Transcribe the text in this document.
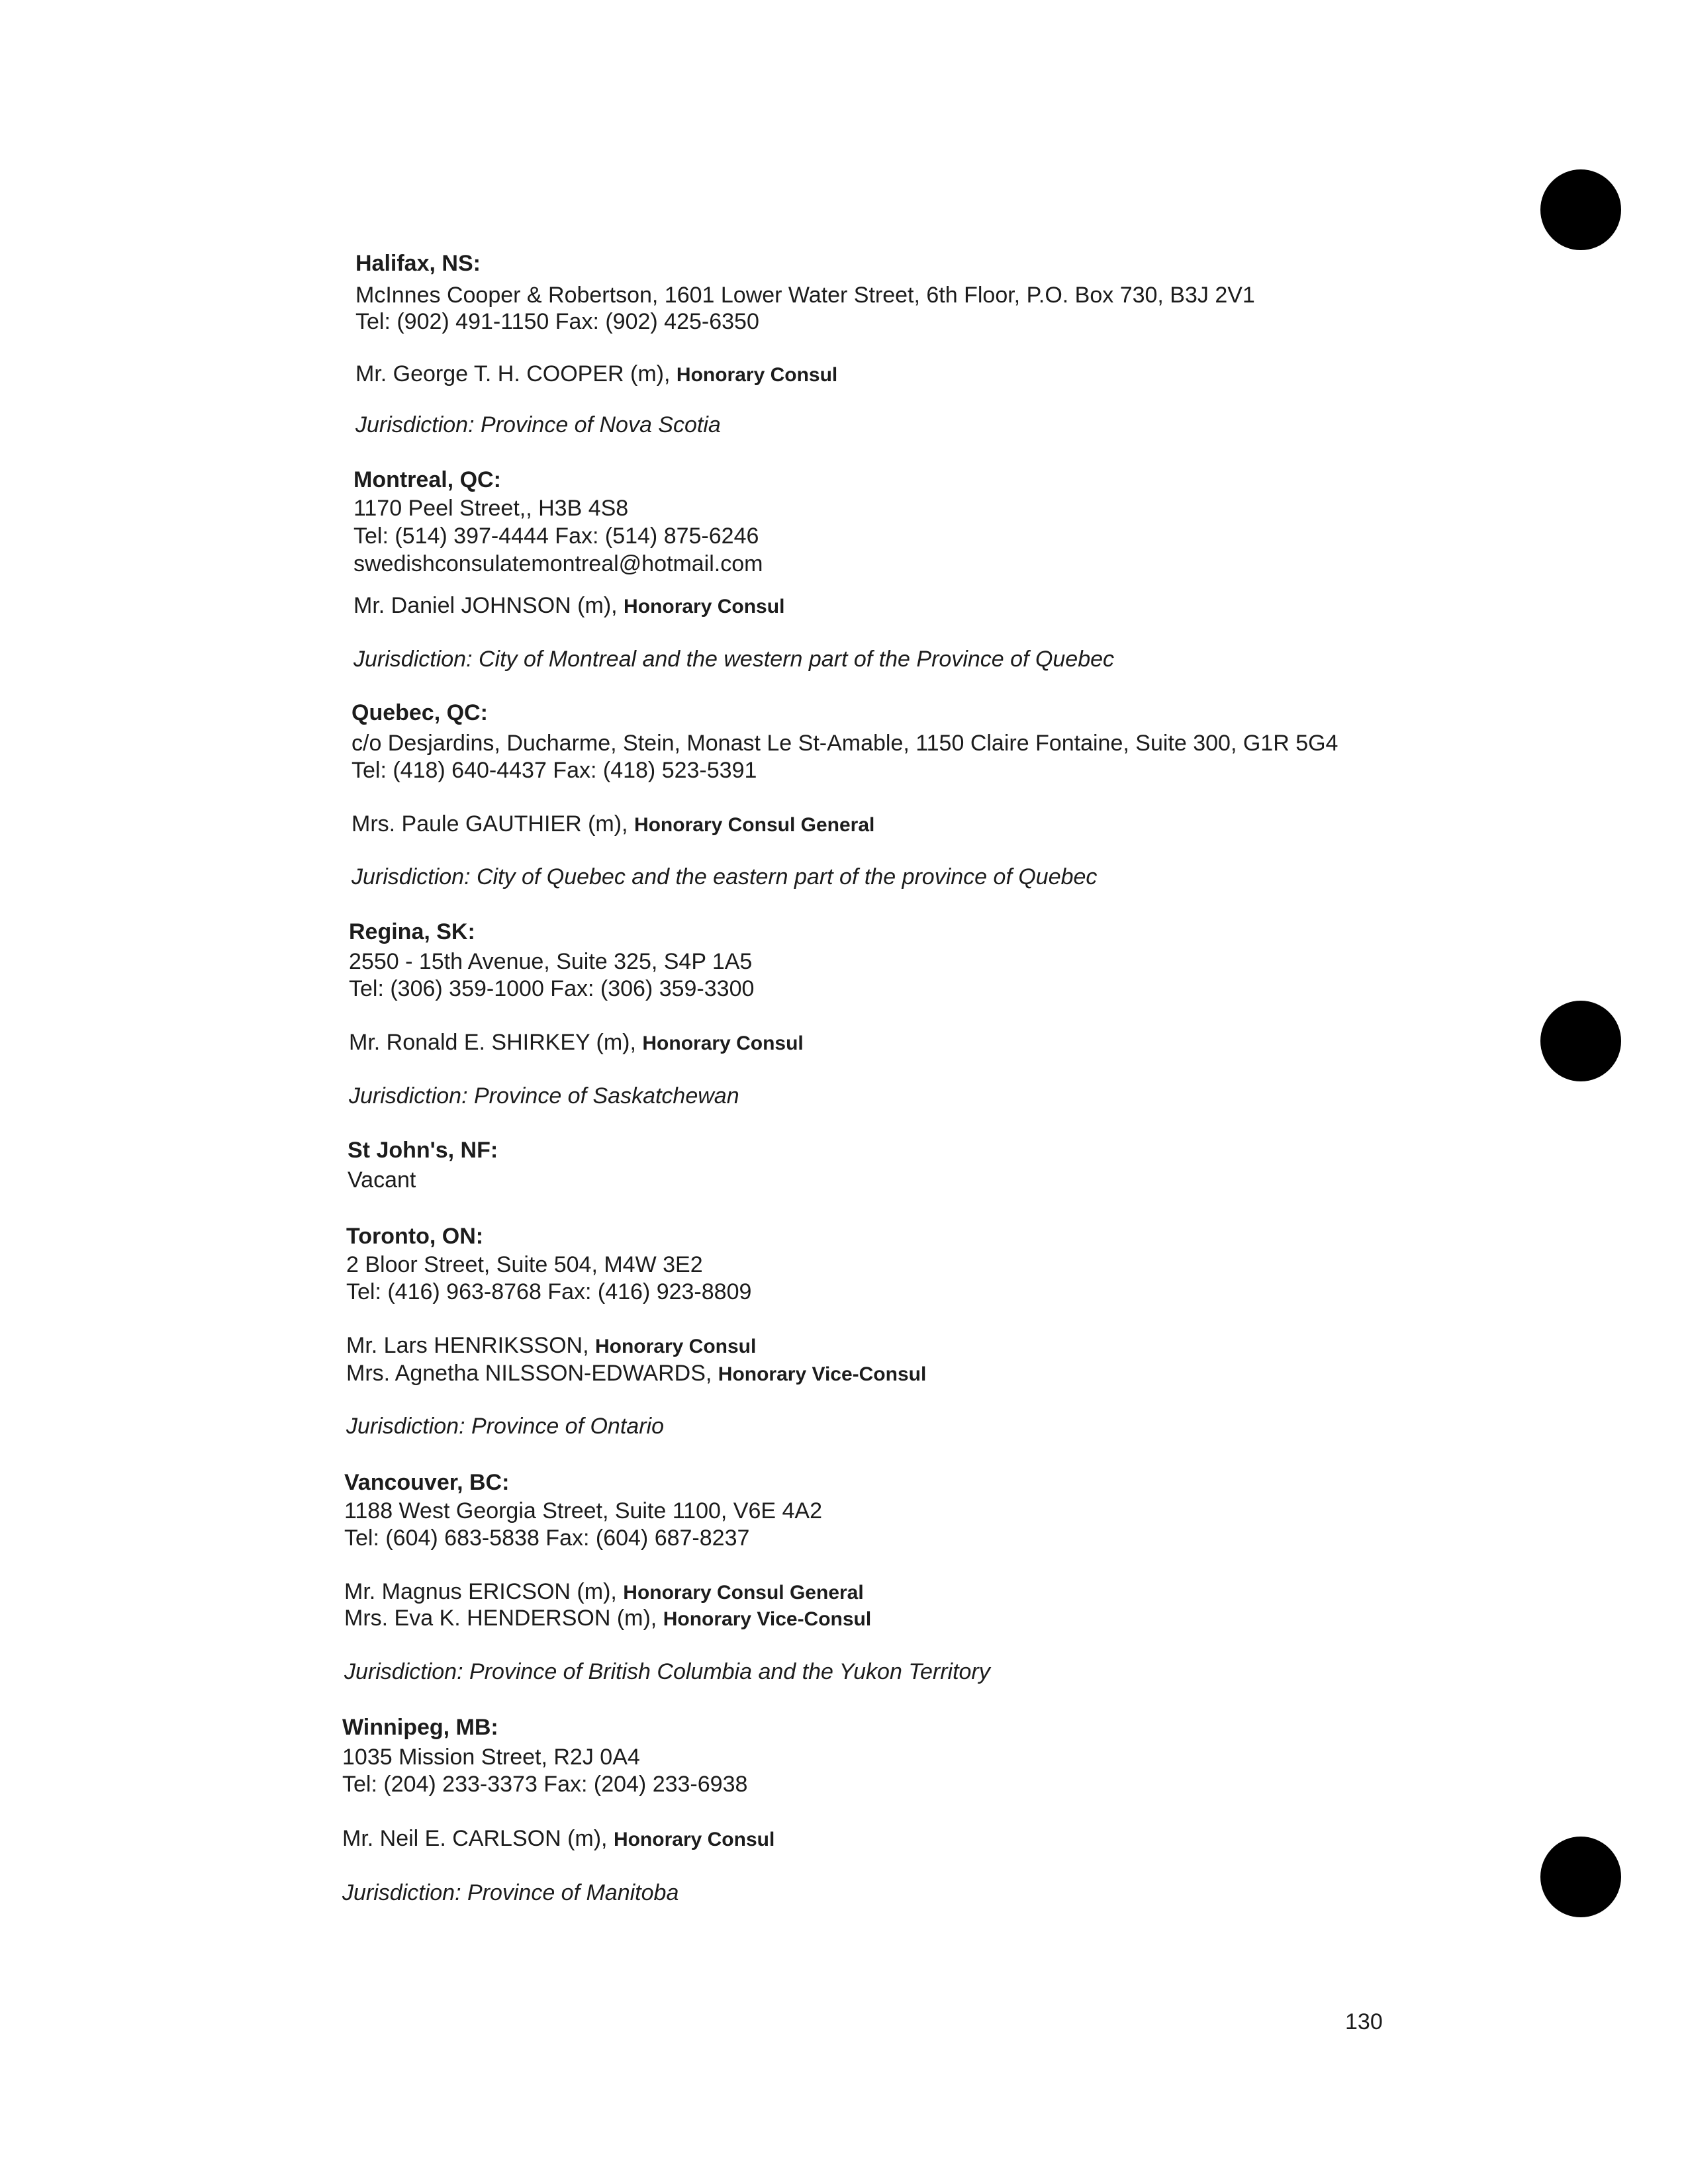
Halifax, NS:
McInnes Cooper & Robertson, 1601 Lower Water Street, 6th Floor, P.O. Box 730, B3J 2V1
Tel: (902) 491-1150 Fax: (902) 425-6350
Mr. George T. H. COOPER (m), Honorary Consul
Jurisdiction: Province of Nova Scotia
Montreal, QC:
1170 Peel Street,, H3B 4S8
Tel: (514) 397-4444 Fax: (514) 875-6246
swedishconsulatemontreal@hotmail.com
Mr. Daniel JOHNSON (m), Honorary Consul
Jurisdiction: City of Montreal and the western part of the Province of Quebec
Quebec, QC:
c/o Desjardins, Ducharme, Stein, Monast Le St-Amable, 1150 Claire Fontaine, Suite 300, G1R 5G4
Tel: (418) 640-4437 Fax: (418) 523-5391
Mrs. Paule GAUTHIER (m), Honorary Consul General
Jurisdiction: City of Quebec and the eastern part of the province of Quebec
Regina, SK:
2550 - 15th Avenue, Suite 325, S4P 1A5
Tel: (306) 359-1000 Fax: (306) 359-3300
Mr. Ronald E. SHIRKEY (m), Honorary Consul
Jurisdiction: Province of Saskatchewan
St John's, NF:
Vacant
Toronto, ON:
2 Bloor Street, Suite 504, M4W 3E2
Tel: (416) 963-8768 Fax: (416) 923-8809
Mr. Lars HENRIKSSON, Honorary Consul
Mrs. Agnetha NILSSON-EDWARDS, Honorary Vice-Consul
Jurisdiction: Province of Ontario
Vancouver, BC:
1188 West Georgia Street, Suite 1100, V6E 4A2
Tel: (604) 683-5838 Fax: (604) 687-8237
Mr. Magnus ERICSON (m), Honorary Consul General
Mrs. Eva K. HENDERSON (m), Honorary Vice-Consul
Jurisdiction: Province of British Columbia and the Yukon Territory
Winnipeg, MB:
1035 Mission Street, R2J 0A4
Tel: (204) 233-3373 Fax: (204) 233-6938
Mr. Neil E. CARLSON (m), Honorary Consul
Jurisdiction: Province of Manitoba
130
